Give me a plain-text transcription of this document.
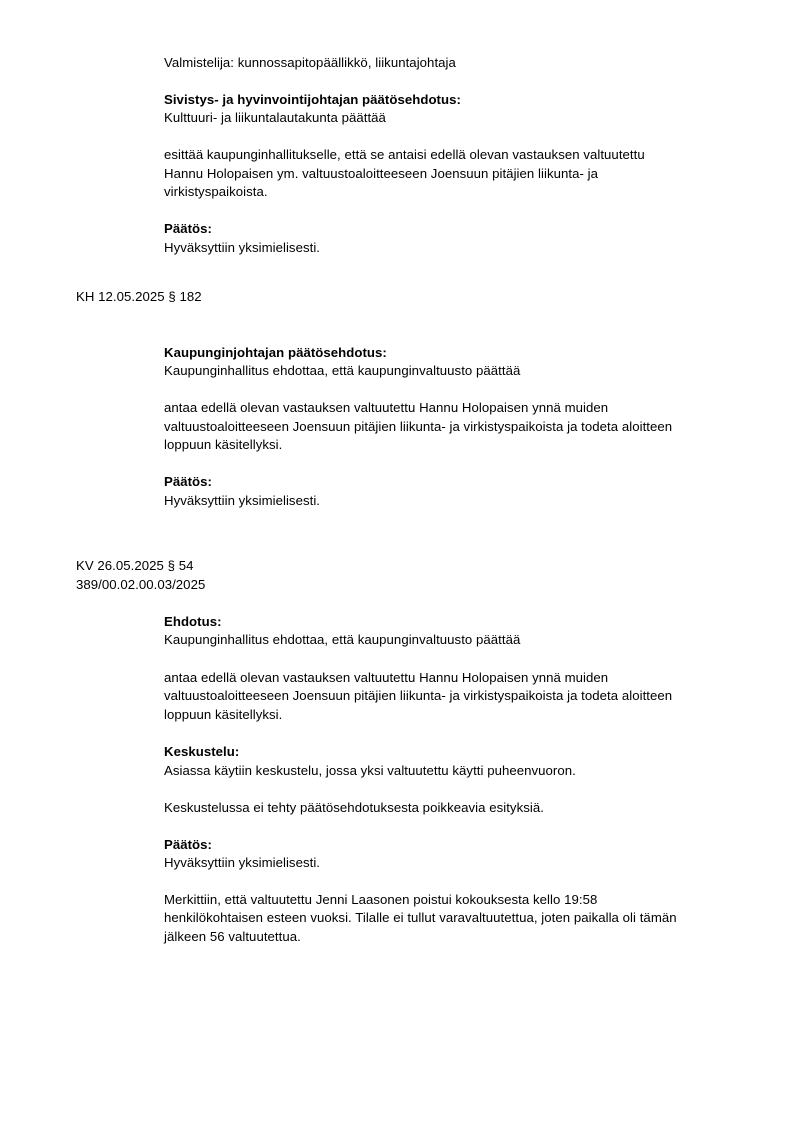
Valmistelija: kunnossapitopäällikkö, liikuntajohtaja
Sivistys- ja hyvinvointijohtajan päätösehdotus:
Kulttuuri- ja liikuntalautakunta päättää
esittää kaupunginhallitukselle, että se antaisi edellä olevan vastauksen valtuutettu
Hannu Holopaisen ym. valtuustoaloitteeseen Joensuun pitäjien liikunta- ja
virkistyspaikoista.
Päätös:
Hyväksyttiin yksimielisesti.
KH 12.05.2025 § 182
Kaupunginjohtajan päätösehdotus:
Kaupunginhallitus ehdottaa, että kaupunginvaltuusto päättää
antaa edellä olevan vastauksen valtuutettu Hannu Holopaisen ynnä muiden
valtuustoaloitteeseen Joensuun pitäjien liikunta- ja virkistyspaikoista ja todeta aloitteen
loppuun käsitellyksi.
Päätös:
Hyväksyttiin yksimielisesti.
KV 26.05.2025 § 54
389/00.02.00.03/2025
Ehdotus:
Kaupunginhallitus ehdottaa, että kaupunginvaltuusto päättää
antaa edellä olevan vastauksen valtuutettu Hannu Holopaisen ynnä muiden
valtuustoaloitteeseen Joensuun pitäjien liikunta- ja virkistyspaikoista ja todeta aloitteen
loppuun käsitellyksi.
Keskustelu:
Asiassa käytiin keskustelu, jossa yksi valtuutettu käytti puheenvuoron.
Keskustelussa ei tehty päätösehdotuksesta poikkeavia esityksiä.
Päätös:
Hyväksyttiin yksimielisesti.
Merkittiin, että valtuutettu Jenni Laasonen poistui kokouksesta kello 19:58
henkilökohtaisen esteen vuoksi. Tilalle ei tullut varavaltuutettua, joten paikalla oli tämän
jälkeen 56 valtuutettua.
